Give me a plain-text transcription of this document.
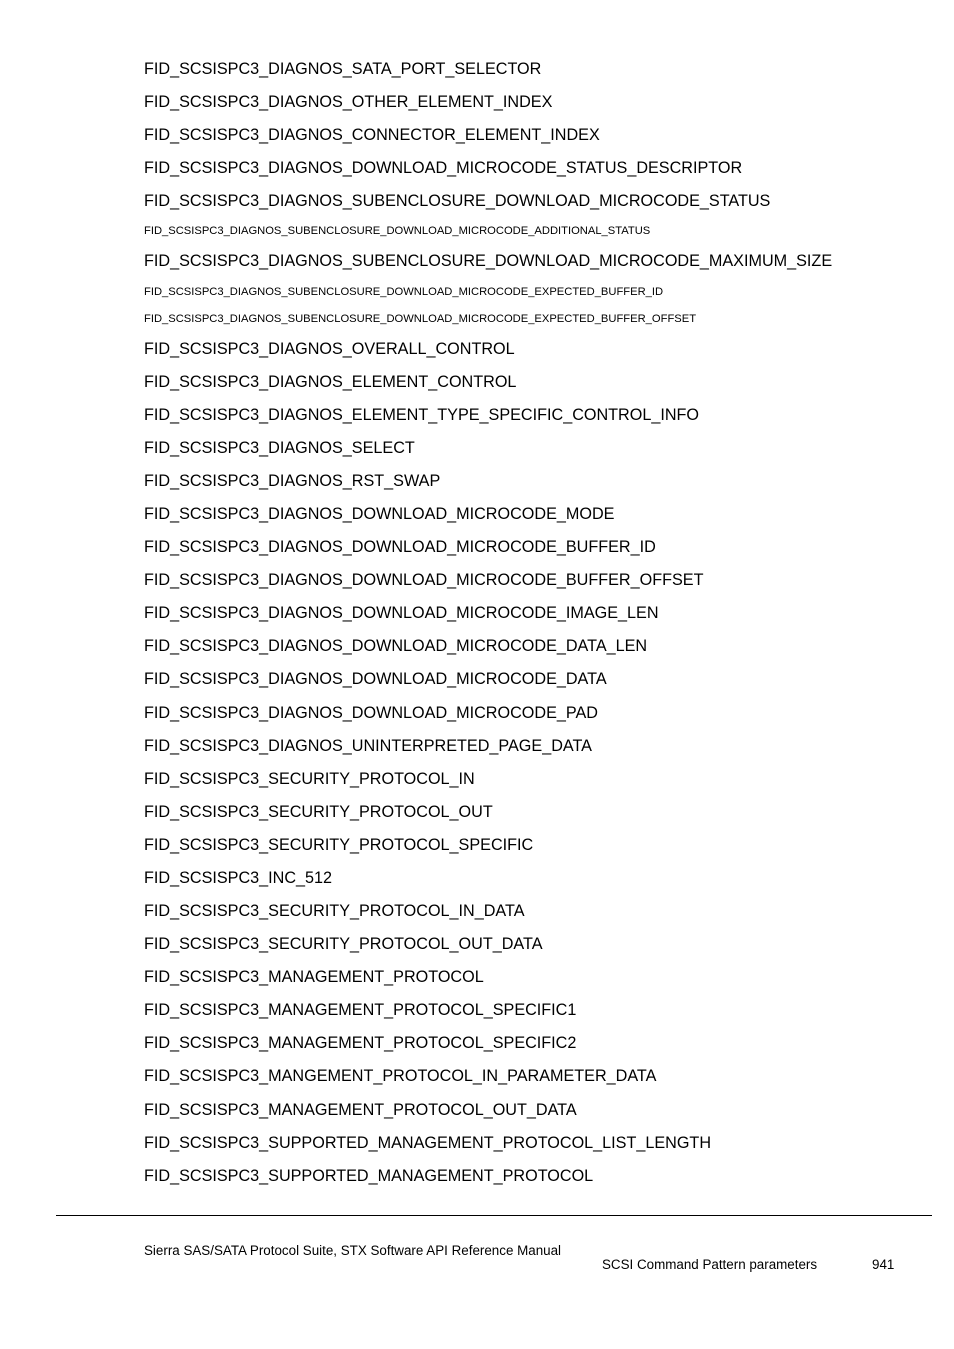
FID_SCSISPC3_DIAGNOS_SATA_PORT_SELECTOR
FID_SCSISPC3_DIAGNOS_OTHER_ELEMENT_INDEX
FID_SCSISPC3_DIAGNOS_CONNECTOR_ELEMENT_INDEX
FID_SCSISPC3_DIAGNOS_DOWNLOAD_MICROCODE_STATUS_DESCRIPTOR
FID_SCSISPC3_DIAGNOS_SUBENCLOSURE_DOWNLOAD_MICROCODE_STATUS
FID_SCSISPC3_DIAGNOS_SUBENCLOSURE_DOWNLOAD_MICROCODE_ADDITIONAL_STATUS
FID_SCSISPC3_DIAGNOS_SUBENCLOSURE_DOWNLOAD_MICROCODE_MAXIMUM_SIZE
FID_SCSISPC3_DIAGNOS_SUBENCLOSURE_DOWNLOAD_MICROCODE_EXPECTED_BUFFER_ID
FID_SCSISPC3_DIAGNOS_SUBENCLOSURE_DOWNLOAD_MICROCODE_EXPECTED_BUFFER_OFFSET
FID_SCSISPC3_DIAGNOS_OVERALL_CONTROL
FID_SCSISPC3_DIAGNOS_ELEMENT_CONTROL
FID_SCSISPC3_DIAGNOS_ELEMENT_TYPE_SPECIFIC_CONTROL_INFO
FID_SCSISPC3_DIAGNOS_SELECT
FID_SCSISPC3_DIAGNOS_RST_SWAP
FID_SCSISPC3_DIAGNOS_DOWNLOAD_MICROCODE_MODE
FID_SCSISPC3_DIAGNOS_DOWNLOAD_MICROCODE_BUFFER_ID
FID_SCSISPC3_DIAGNOS_DOWNLOAD_MICROCODE_BUFFER_OFFSET
FID_SCSISPC3_DIAGNOS_DOWNLOAD_MICROCODE_IMAGE_LEN
FID_SCSISPC3_DIAGNOS_DOWNLOAD_MICROCODE_DATA_LEN
FID_SCSISPC3_DIAGNOS_DOWNLOAD_MICROCODE_DATA
FID_SCSISPC3_DIAGNOS_DOWNLOAD_MICROCODE_PAD
FID_SCSISPC3_DIAGNOS_UNINTERPRETED_PAGE_DATA
FID_SCSISPC3_SECURITY_PROTOCOL_IN
FID_SCSISPC3_SECURITY_PROTOCOL_OUT
FID_SCSISPC3_SECURITY_PROTOCOL_SPECIFIC
FID_SCSISPC3_INC_512
FID_SCSISPC3_SECURITY_PROTOCOL_IN_DATA
FID_SCSISPC3_SECURITY_PROTOCOL_OUT_DATA
FID_SCSISPC3_MANAGEMENT_PROTOCOL
FID_SCSISPC3_MANAGEMENT_PROTOCOL_SPECIFIC1
FID_SCSISPC3_MANAGEMENT_PROTOCOL_SPECIFIC2
FID_SCSISPC3_MANGEMENT_PROTOCOL_IN_PARAMETER_DATA
FID_SCSISPC3_MANAGEMENT_PROTOCOL_OUT_DATA
FID_SCSISPC3_SUPPORTED_MANAGEMENT_PROTOCOL_LIST_LENGTH
FID_SCSISPC3_SUPPORTED_MANAGEMENT_PROTOCOL
Sierra SAS/SATA Protocol Suite, STX Software API Reference Manual
SCSI Command Pattern parameters	941
